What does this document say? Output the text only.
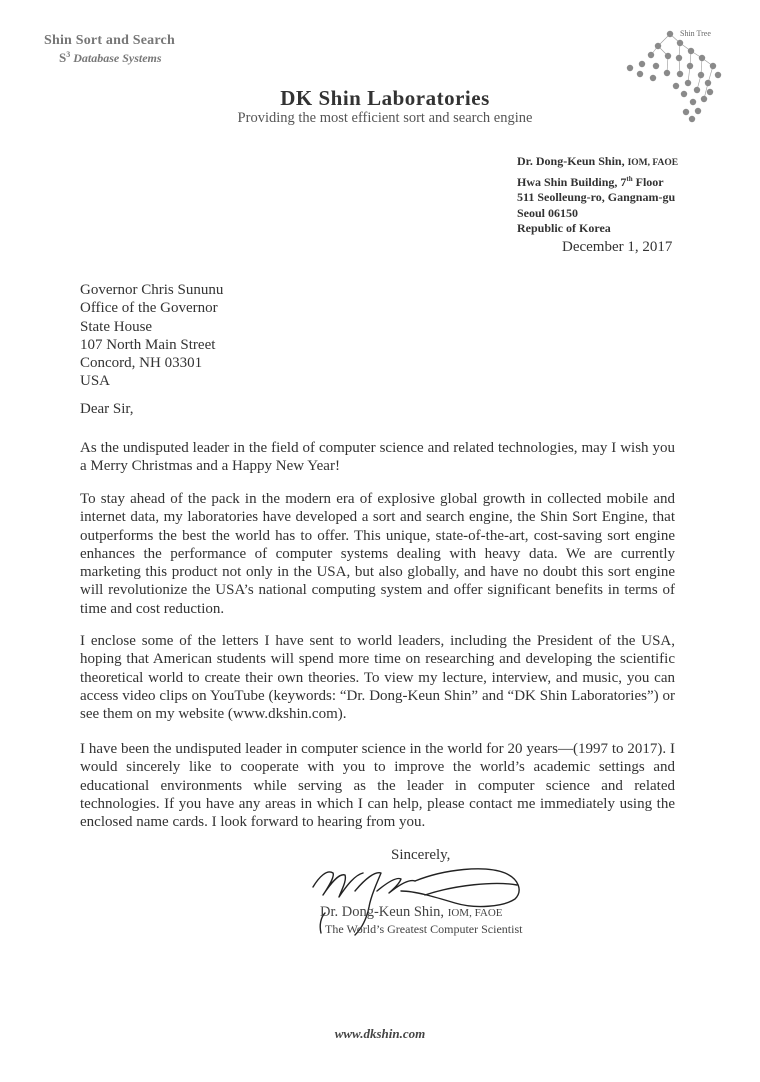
Shin Sort and Search
$S^3$ Database Systems
Shin Tree
DK Shin Laboratories
Providing the most efficient sort and search engine
Dr. Dong-Keun Shin, IOM, FAOE
Hwa Shin Building, 7th Floor
511 Seolleung-ro, Gangnam-gu
Seoul 06150
Republic of Korea
December 1, 2017
Governor Chris Sununu
Office of the Governor
State House
107 North Main Street
Concord, NH 03301
USA
Dear Sir,
As the undisputed leader in the field of computer science and related technologies, may I wish you a Merry Christmas and a Happy New Year!
To stay ahead of the pack in the modern era of explosive global growth in collected mobile and internet data, my laboratories have developed a sort and search engine, the Shin Sort Engine, that outperforms the best the world has to offer. This unique, state-of-the-art, cost-saving sort engine enhances the performance of computer systems dealing with heavy data. We are currently marketing this product not only in the USA, but also globally, and have no doubt this sort engine will revolutionize the USA’s national computing system and offer significant benefits in terms of time and cost reduction.
I enclose some of the letters I have sent to world leaders, including the President of the USA, hoping that American students will spend more time on researching and developing the scientific theoretical world to create their own theories. To view my lecture, interview, and music, you can access video clips on YouTube (keywords: “Dr. Dong-Keun Shin” and “DK Shin Laboratories”) or see them on my website (www.dkshin.com).
I have been the undisputed leader in computer science in the world for 20 years—(1997 to 2017). I would sincerely like to cooperate with you to improve the world’s academic settings and educational environments while serving as the leader in computer science and related technologies. If you have any areas in which I can help, please contact me immediately using the enclosed name cards. I look forward to hearing from you.
Sincerely,
Dr. Dong-Keun Shin, IOM, FAOE
The World’s Greatest Computer Scientist
www.dkshin.com
